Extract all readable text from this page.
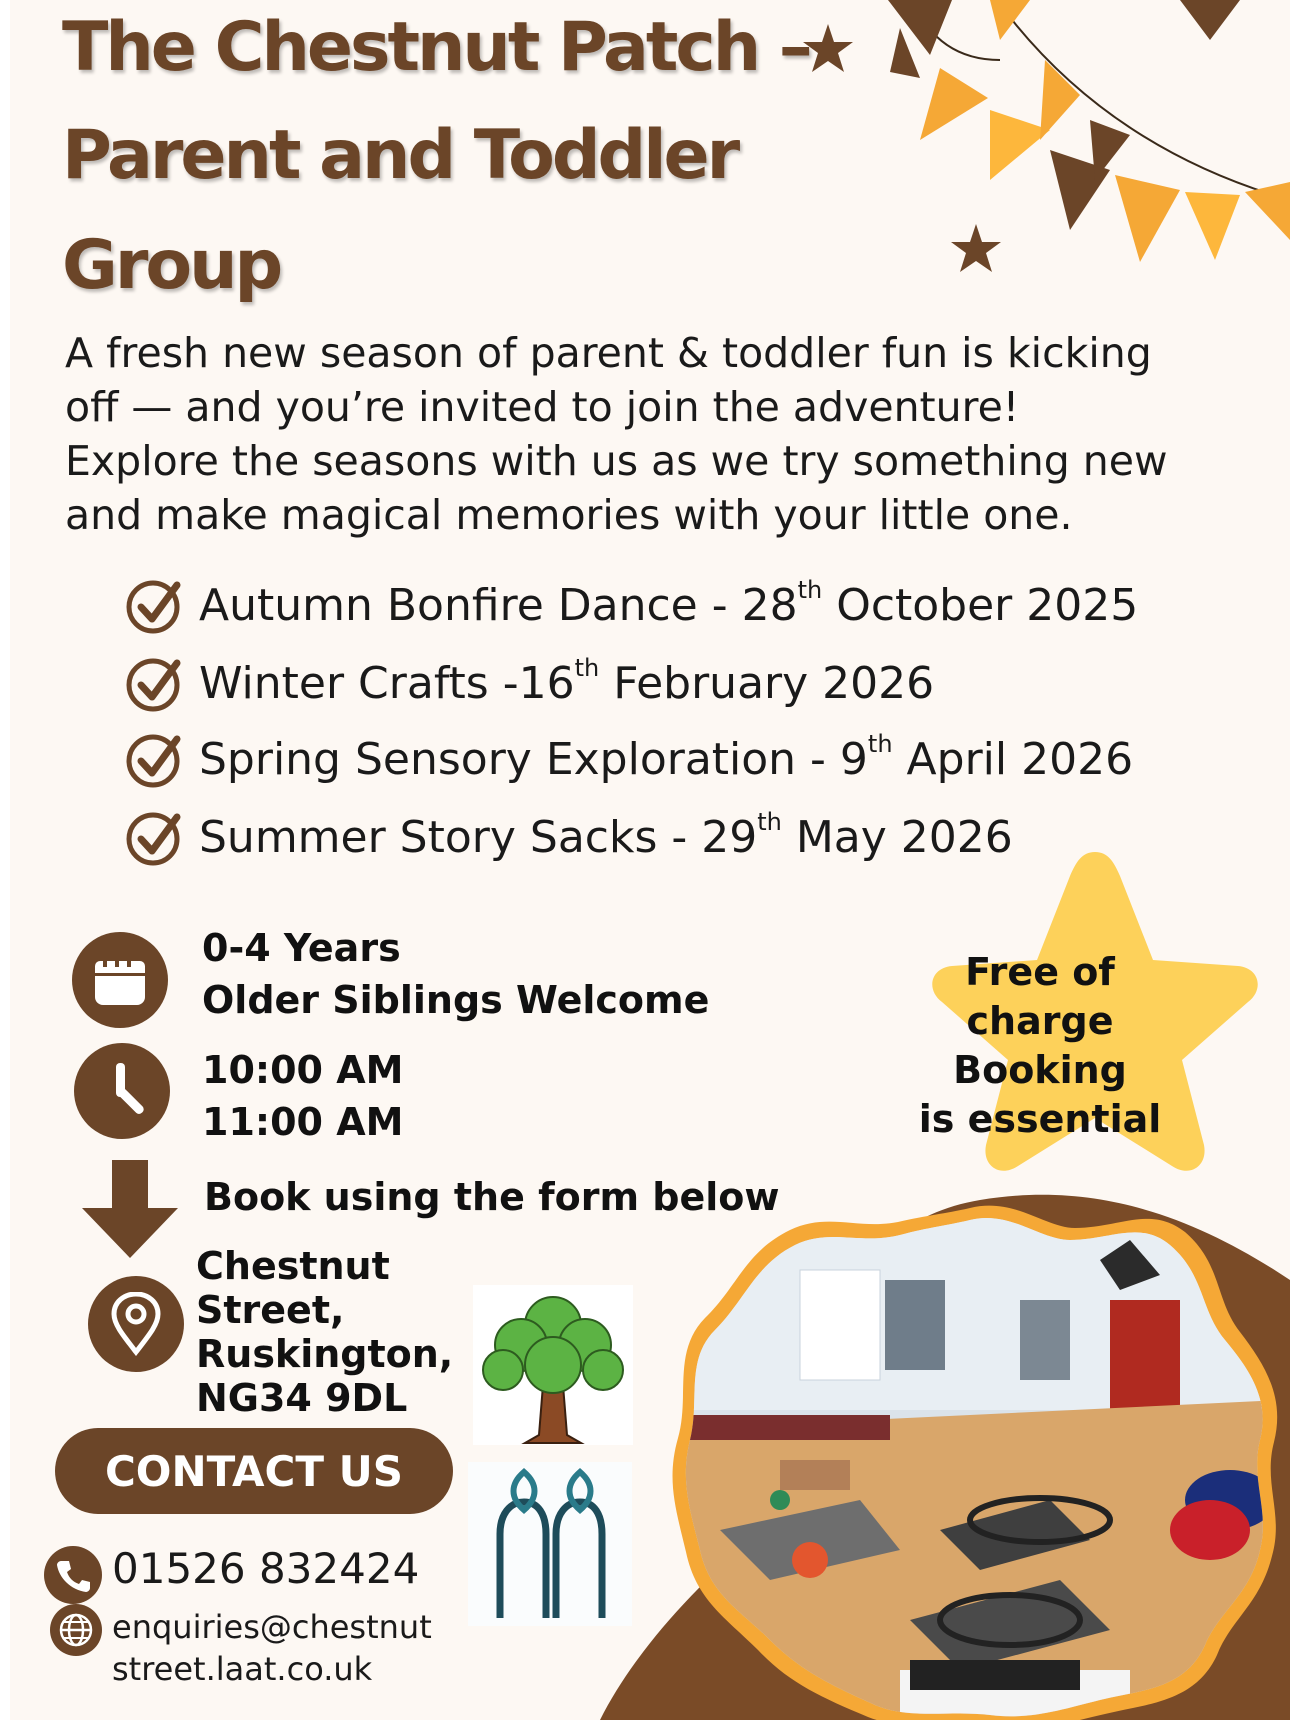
The Chestnut Patch –
Parent and Toddler
Group

A fresh new season of parent & toddler fun is kicking

off — and you’re invited to join the adventure!

Explore the seasons with us as we try something new

and make magical memories with your little one.

Autumn Bonfire Dance - 28th October 2025
Winter Crafts -16th February 2026
Spring Sensory Exploration - 9th April 2026
Summer Story Sacks - 29th May 2026
Free of charge
Booking
is essential
0-4 Years
Older Siblings Welcome
10:00 AM
11:00 AM
Book using the form below
Chestnut
Street,
Ruskington,
NG34 9DL
CONTACT US
01526 832424
enquiries@chestnut
street.laat.co.uk
